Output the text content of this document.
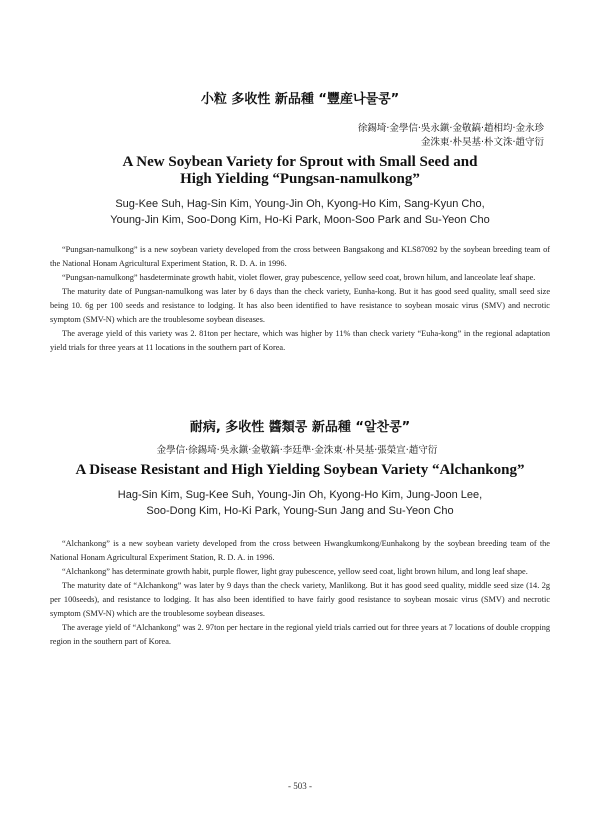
小粒 多收性 新品種 “豐産나물콩”
徐錫埼·金學信·吳永鎭·金敬鎬·趙相均·金永珍
金洙東·朴昊基·朴文洙·趙守衍
A New Soybean Variety for Sprout with Small Seed and
High Yielding “Pungsan-namulkong”
Sug-Kee Suh, Hag-Sin Kim, Young-Jin Oh, Kyong-Ho Kim, Sang-Kyun Cho,
Young-Jin Kim, Soo-Dong Kim, Ho-Ki Park, Moon-Soo Park and Su-Yeon Cho

“Pungsan-namulkong” is a new soybean variety developed from the cross between Bangsakong and KLS87092 by the soybean breeding team of the National Honam Agricultural Experiment Station, R. D. A. in 1996.

“Pungsan-namulkong” hasdeterminate growth habit, violet flower, gray pubescence, yellow seed coat, brown hilum, and lanceolate leaf shape.

The maturity date of Pungsan-namulkong was later by 6 days than the check variety, Eunha-kong. But it has good seed quality, small seed size being 10. 6g per 100 seeds and resistance to lodging. It has also been identified to have resistance to soybean mosaic virus (SMV) and necrotic symptom (SMV-N) which are the troublesome soybean diseases.

The average yield of this variety was 2. 81ton per hectare, which was higher by 11% than check variety “Euha-kong” in the regional adaptation yield trials for three years at 11 locations in the southern part of Korea.

耐病, 多收性 醬類콩 新品種 “알찬콩”
金學信·徐錫埼·吳永鎭·金敬鎬·李廷準·金洙東·朴昊基·張榮宣·趙守衍
A Disease Resistant and High Yielding Soybean Variety “Alchankong”
Hag-Sin Kim, Sug-Kee Suh, Young-Jin Oh, Kyong-Ho Kim, Jung-Joon Lee,
Soo-Dong Kim, Ho-Ki Park, Young-Sun Jang and Su-Yeon Cho

“Alchankong” is a new soybean variety developed from the cross between Hwangkumkong/Eunhakong by the soybean breeding team of the National Honam Agricultural Experiment Station, R. D. A. in 1996.

“Alchankong” has determinate growth habit, purple flower, light gray pubescence, yellow seed coat, light brown hilum, and long leaf shape.

The maturity date of “Alchankong” was later by 9 days than the check variety, Manlikong. But it has good seed quality, middle seed size (14. 2g per 100seeds), and resistance to lodging. It has also been identified to have fairly good resistance to soybean mosaic virus (SMV) and necrotic symptom (SMV-N) which are the troublesome soybean diseases.

The average yield of “Alchankong” was 2. 97ton per hectare in the regional yield trials carried out for three years at 7 locations of double cropping region in the southern part of Korea.

- 503 -
